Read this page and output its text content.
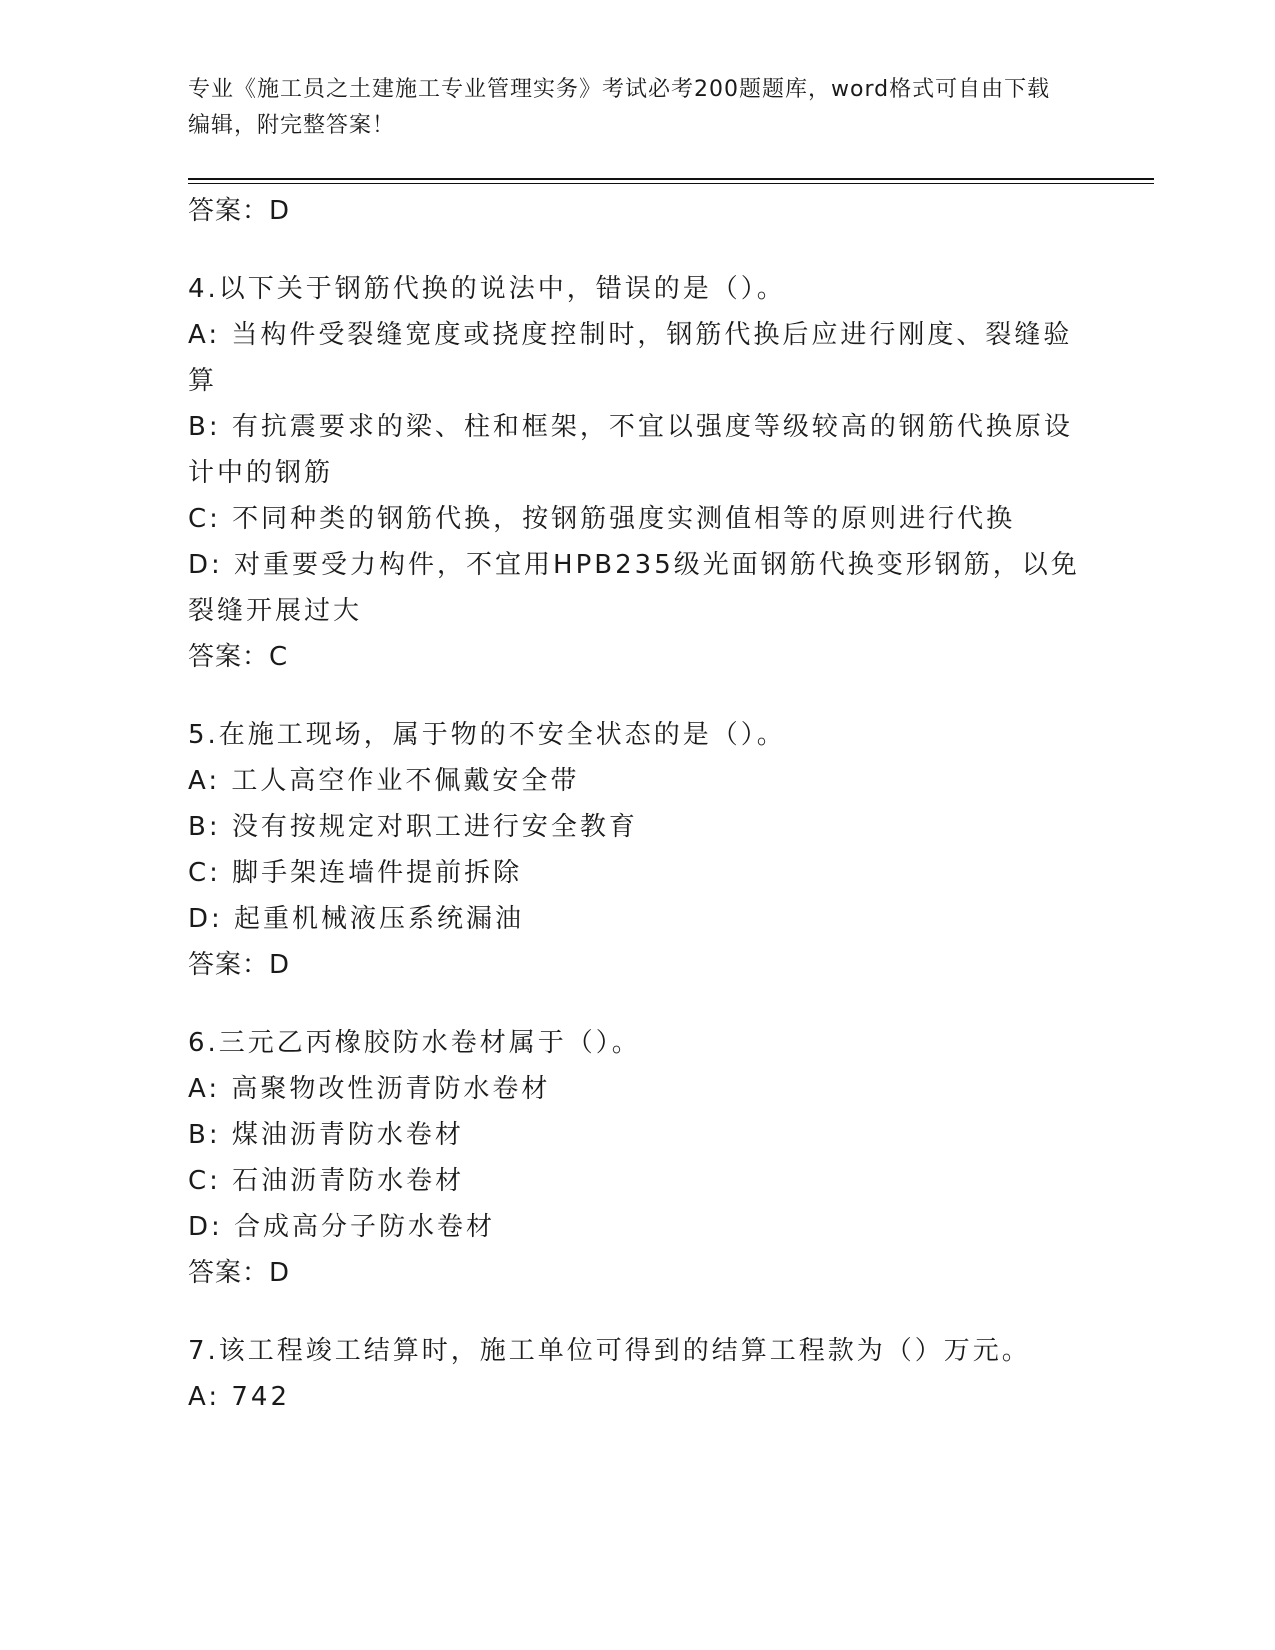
专业《施工员之土建施工专业管理实务》考试必考200题题库，word格式可自由下载编辑，附完整答案！
答案：D
4.以下关于钢筋代换的说法中，错误的是（）。
A: 当构件受裂缝宽度或挠度控制时，钢筋代换后应进行刚度、裂缝验算
B: 有抗震要求的梁、柱和框架，不宜以强度等级较高的钢筋代换原设计中的钢筋
C: 不同种类的钢筋代换，按钢筋强度实测值相等的原则进行代换
D: 对重要受力构件，不宜用HPB235级光面钢筋代换变形钢筋，以免裂缝开展过大
答案：C
5.在施工现场，属于物的不安全状态的是（）。
A: 工人高空作业不佩戴安全带
B: 没有按规定对职工进行安全教育
C: 脚手架连墙件提前拆除
D: 起重机械液压系统漏油
答案：D
6.三元乙丙橡胶防水卷材属于（）。
A: 高聚物改性沥青防水卷材
B: 煤油沥青防水卷材
C: 石油沥青防水卷材
D: 合成高分子防水卷材
答案：D
7.该工程竣工结算时，施工单位可得到的结算工程款为（）万元。
A: 742
